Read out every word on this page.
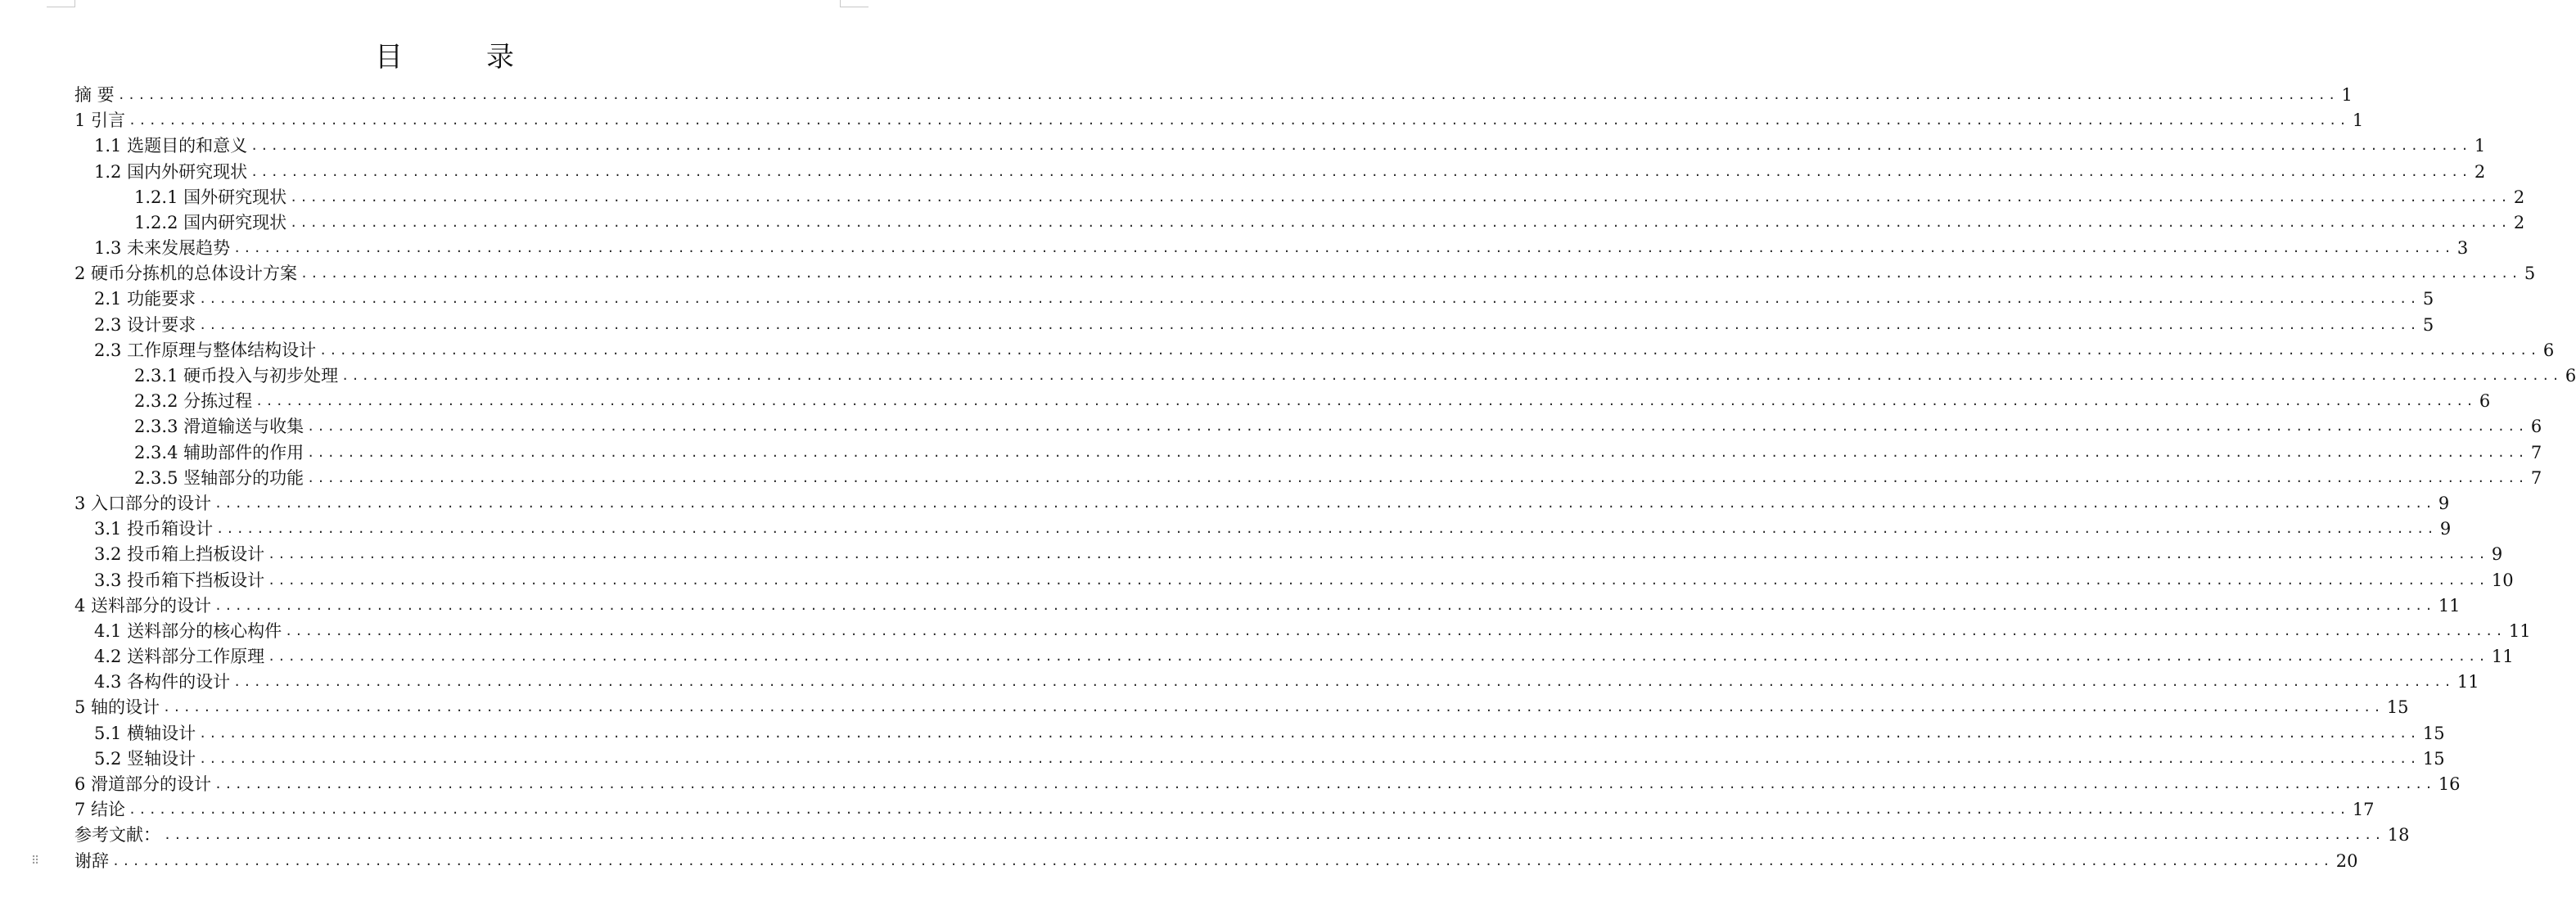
目　录
摘 要 ............................................................................................................................................................................................................................ 1
1 引言 ............................................................................................................................................................................................................................ 1
1.1 选题目的和意义 ............................................................................................................................................................................................................................ 1
1.2 国内外研究现状 ............................................................................................................................................................................................................................ 2
1.2.1 国外研究现状 ............................................................................................................................................................................................................................ 2
1.2.2 国内研究现状 ............................................................................................................................................................................................................................ 2
1.3 未来发展趋势 ............................................................................................................................................................................................................................ 3
2 硬币分拣机的总体设计方案 ............................................................................................................................................................................................................................ 5
2.1 功能要求 ............................................................................................................................................................................................................................ 5
2.3 设计要求 ............................................................................................................................................................................................................................ 5
2.3 工作原理与整体结构设计 ............................................................................................................................................................................................................................ 6
2.3.1 硬币投入与初步处理 ............................................................................................................................................................................................................................ 6
2.3.2 分拣过程 ............................................................................................................................................................................................................................ 6
2.3.3 滑道输送与收集 ............................................................................................................................................................................................................................ 6
2.3.4 辅助部件的作用 ............................................................................................................................................................................................................................ 7
2.3.5 竖轴部分的功能 ............................................................................................................................................................................................................................ 7
3 入口部分的设计 ............................................................................................................................................................................................................................ 9
3.1 投币箱设计 ............................................................................................................................................................................................................................ 9
3.2 投币箱上挡板设计 ............................................................................................................................................................................................................................ 9
3.3 投币箱下挡板设计 ............................................................................................................................................................................................................................ 10
4 送料部分的设计 ............................................................................................................................................................................................................................ 11
4.1 送料部分的核心构件 ............................................................................................................................................................................................................................ 11
4.2 送料部分工作原理 ............................................................................................................................................................................................................................ 11
4.3 各构件的设计 ............................................................................................................................................................................................................................ 11
5 轴的设计 ............................................................................................................................................................................................................................ 15
5.1 横轴设计 ............................................................................................................................................................................................................................ 15
5.2 竖轴设计 ............................................................................................................................................................................................................................ 15
6 滑道部分的设计 ............................................................................................................................................................................................................................ 16
7 结论 ............................................................................................................................................................................................................................ 17
参考文献： ............................................................................................................................................................................................................................ 18
谢辞 ............................................................................................................................................................................................................................ 20
⠿
